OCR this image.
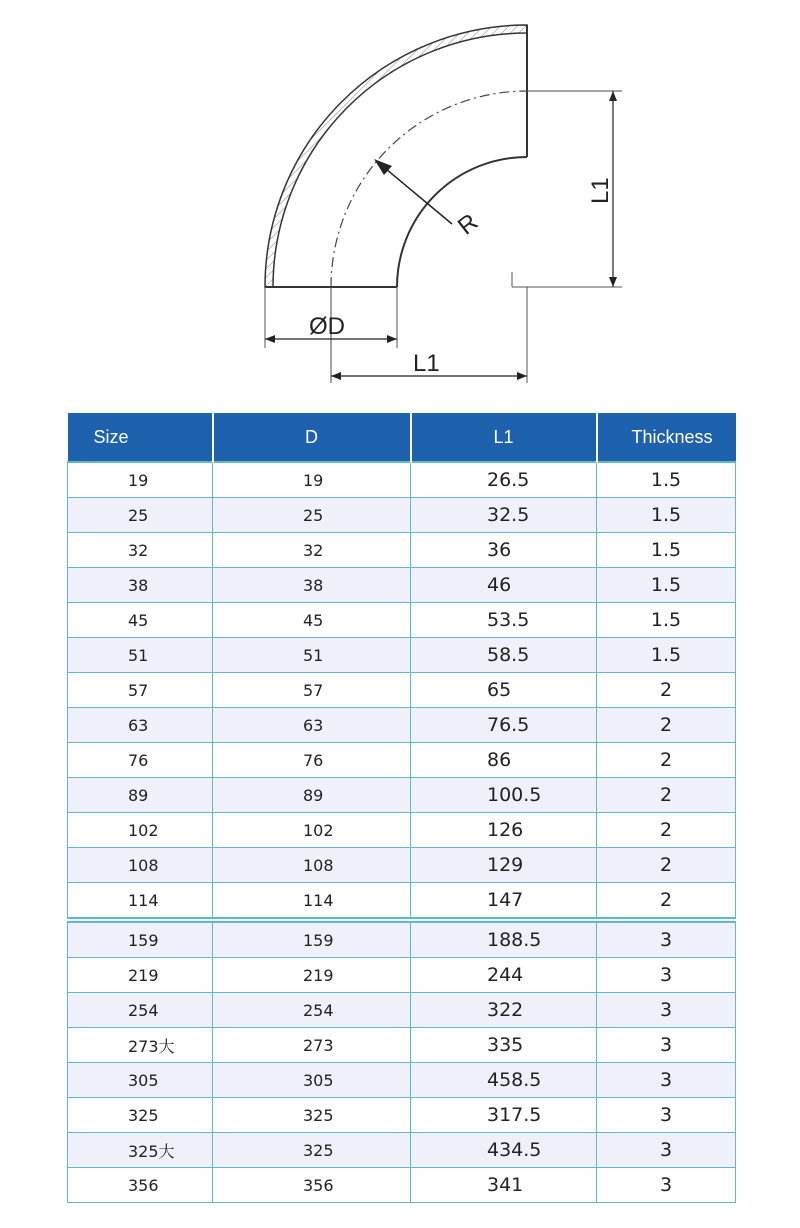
R
ØD
L1
L1
Size	D	L1	Thickness
19	19	26.5	1.5
25	25	32.5	1.5
32	32	36	1.5
38	38	46	1.5
45	45	53.5	1.5
51	51	58.5	1.5
57	57	65	2
63	63	76.5	2
76	76	86	2
89	89	100.5	2
102	102	126	2
108	108	129	2
114	114	147	2
159	159	188.5	3
219	219	244	3
254	254	322	3
273大	273	335	3
305	305	458.5	3
325	325	317.5	3
325大	325	434.5	3
356	356	341	3
